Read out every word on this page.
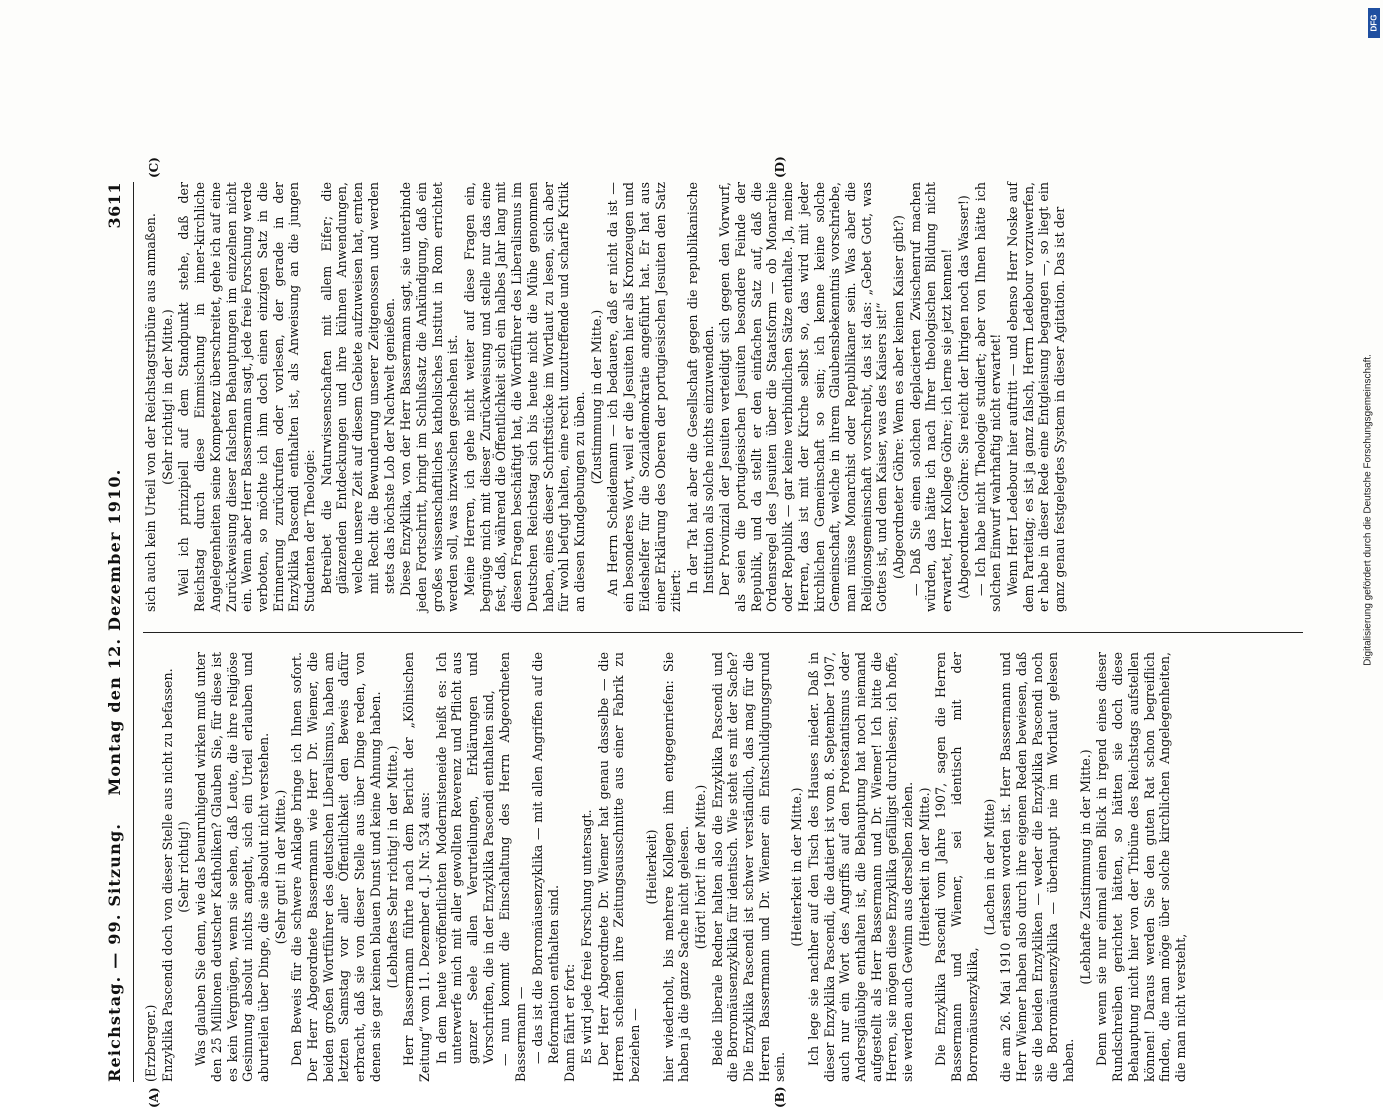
Reichstag. — 99. Sitzung.
Montag den 12. Dezember 1910.
3611
(A)	(B)
(C)	(D)

(Erzberger.) Enzyklika Pascendi doch von dieser Stelle aus nicht zu befassen. (Sehr richtig!) Was glauben Sie denn, wie das beunruhigend wirken muß unter den 25 Millionen deutscher Katholiken? Glauben Sie, für diese ist es kein Vergnügen, wenn sie sehen, daß Leute, die ihre religiöse Gesinnung absolut nichts angeht, sich ein Urteil erlauben und aburteilen über Dinge, die sie absolut nicht verstehen. (Sehr gut! in der Mitte.) Den Beweis für die schwere Anklage bringe ich Ihnen sofort. Der Herr Abgeordnete Bassermann wie Herr Dr. Wiemer, die beiden großen Wortführer des deutschen Liberalismus, haben am letzten Samstag vor aller Öffentlichkeit den Beweis dafür erbracht, daß sie von dieser Stelle aus über Dinge reden, von denen sie gar keinen blauen Dunst und keine Ahnung haben. (Lebhaftes Sehr richtig! in der Mitte.) Herr Bassermann führte nach dem Bericht der „Kölnischen Zeitung“ vom 11. Dezember d. J. Nr. 534 aus: In dem heute veröffentlichten Modernisteneide heißt es: Ich unterwerfe mich mit aller gewollten Reverenz und Pflicht aus ganzer Seele allen Verurteilungen, Erklärungen und Vorschriften, die in der Enzyklika Pascendi enthalten sind, — nun kommt die Einschaltung des Herrn Abgeordneten Bassermann — — das ist die Borromäusenzyklika — mit allen Angriffen auf die Reformation enthalten sind. Dann fährt er fort: Es wird jede freie Forschung untersagt. Der Herr Abgeordnete Dr. Wiemer hat genau dasselbe — die Herren scheinen ihre Zeitungsausschnitte aus einer Fabrik zu beziehen —

(Heiterkeit) hier wiederholt, bis mehrere Kollegen ihm entgegenriefen: Sie haben ja die ganze Sache nicht gelesen. (Hört! hört! in der Mitte.) Beide liberale Redner halten also die Enzyklika Pascendi und die Borromäusenzyklika für identisch. Wie steht es mit der Sache? Die Enzyklika Pascendi ist schwer verständlich, das mag für die Herren Bassermann und Dr. Wiemer ein Entschuldigungsgrund sein.

(Heiterkeit in der Mitte.) Ich lege sie nachher auf den Tisch des Hauses nieder. Daß in dieser Enzyklika Pascendi, die datiert ist vom 8. September 1907, auch nur ein Wort des Angriffs auf den Protestantismus oder Andersgläubige enthalten ist, die Behauptung hat noch niemand aufgestellt als Herr Bassermann und Dr. Wiemer! Ich bitte die Herren, sie mögen diese Enzyklika gefälligst durchlesen; ich hoffe, sie werden auch Gewinn aus derselben ziehen. (Heiterkeit in der Mitte.) Die Enzyklika Pascendi vom Jahre 1907, sagen die Herren Bassermann und Wiemer, sei identisch mit der Borromäusenzyklika,

(Lachen in der Mitte) die am 26. Mai 1910 erlassen worden ist. Herr Bassermann und Herr Wiemer haben also durch ihre eigenen Reden bewiesen, daß sie die beiden Enzykliken — weder die Enzyklika Pascendi noch die Borromäusenzyklika — überhaupt nie im Wortlaut gelesen haben.

(Lebhafte Zustimmung in der Mitte.) Denn wenn sie nur einmal einen Blick in irgend eines dieser Rundschreiben gerichtet hätten, so hätten sie doch diese Behauptung nicht hier von der Tribüne des Reichstags aufstellen können! Daraus werden Sie den guten Rat schon begreiflich finden, die man möge über solche kirchlichen Angelegenheiten, die man nicht versteht,

sich auch kein Urteil von der Reichstagstribüne aus anmaßen. (Sehr richtig! in der Mitte.) Weil ich prinzipiell auf dem Standpunkt stehe, daß der Reichstag durch diese Einmischung in inner-kirchliche Angelegenheiten seine Kompetenz überschreitet, gehe ich auf eine Zurückweisung dieser falschen Behauptungen im einzelnen nicht ein. Wenn aber Herr Bassermann sagt, jede freie Forschung werde verboten, so möchte ich ihm doch einen einzigen Satz in die Erinnerung zurückrufen oder vorlesen, der gerade in der Enzyklika Pascendi enthalten ist, als Anweisung an die jungen Studenten der Theologie: Betreibet die Naturwissenschaften mit allem Eifer; die glänzenden Entdeckungen und ihre kühnen Anwendungen, welche unsere Zeit auf diesem Gebiete aufzuweisen hat, ernten mit Recht die Bewunderung unserer Zeitgenossen und werden stets das höchste Lob der Nachwelt genießen. Diese Enzyklika, von der Herr Bassermann sagt, sie unterbinde jeden Fortschritt, bringt im Schlußsatz die Ankündigung, daß ein großes wissenschaftliches katholisches Institut in Rom errichtet werden soll, was inzwischen geschehen ist. Meine Herren, ich gehe nicht weiter auf diese Fragen ein, begnüge mich mit dieser Zurückweisung und stelle nur das eine fest, daß, während die Öffentlichkeit sich ein halbes Jahr lang mit diesen Fragen beschäftigt hat, die Wortführer des Liberalismus im Deutschen Reichstag sich bis heute nicht die Mühe genommen haben, eines dieser Schriftstücke im Wortlaut zu lesen, sich aber für wohl befugt halten, eine recht unzutreffende und scharfe Kritik an diesen Kundgebungen zu üben. (Zustimmung in der Mitte.) An Herrn Scheidemann — ich bedauere, daß er nicht da ist — ein besonderes Wort, weil er die Jesuiten hier als Kronzeugen und Eideshelfer für die Sozialdemokratie angeführt hat. Er hat aus einer Erklärung des Oberen der portugiesischen Jesuiten den Satz zitiert: In der Tat hat aber die Gesellschaft gegen die republikanische Institution als solche nichts einzuwenden. Der Provinzial der Jesuiten verteidigt sich gegen den Vorwurf, als seien die portugiesischen Jesuiten besondere Feinde der Republik, und da stellt er den einfachen Satz auf, daß die Ordensregel des Jesuiten über die Staatsform — ob Monarchie oder Republik — gar keine verbindlichen Sätze enthalte. Ja, meine Herren, das ist mit der Kirche selbst so, das wird mit jeder kirchlichen Gemeinschaft so sein; ich kenne keine solche Gemeinschaft, welche in ihrem Glaubensbekenntnis vorschriebe, man müsse Monarchist oder Republikaner sein. Was aber die Religionsgemeinschaft vorschreibt, das ist das: „Gebet Gott, was Gottes ist, und dem Kaiser, was des Kaisers ist!“ (Abgeordneter Göhre: Wenn es aber keinen Kaiser gibt?) — Daß Sie einen solchen deplacierten Zwischenruf machen würden, das hätte ich nach Ihrer theologischen Bildung nicht erwartet, Herr Kollege Göhre; ich lerne sie jetzt kennen! (Abgeordneter Göhre: Sie reicht der Ihrigen noch das Wasser!) — Ich habe nicht Theologie studiert; aber von Ihnen hätte ich solchen Einwurf wahrhaftig nicht erwartet! Wenn Herr Ledebour hier auftritt — und ebenso Herr Noske auf dem Parteitag; es ist ja ganz falsch, Herrn Ledebour vorzuwerfen, er habe in dieser Rede eine Entgleisung begangen —, so liegt ein ganz genau festgelegtes System in dieser Agitation. Das ist der	Digitalisierung gefördert durch die Deutsche Forschungsgemeinschaft.
DFG
